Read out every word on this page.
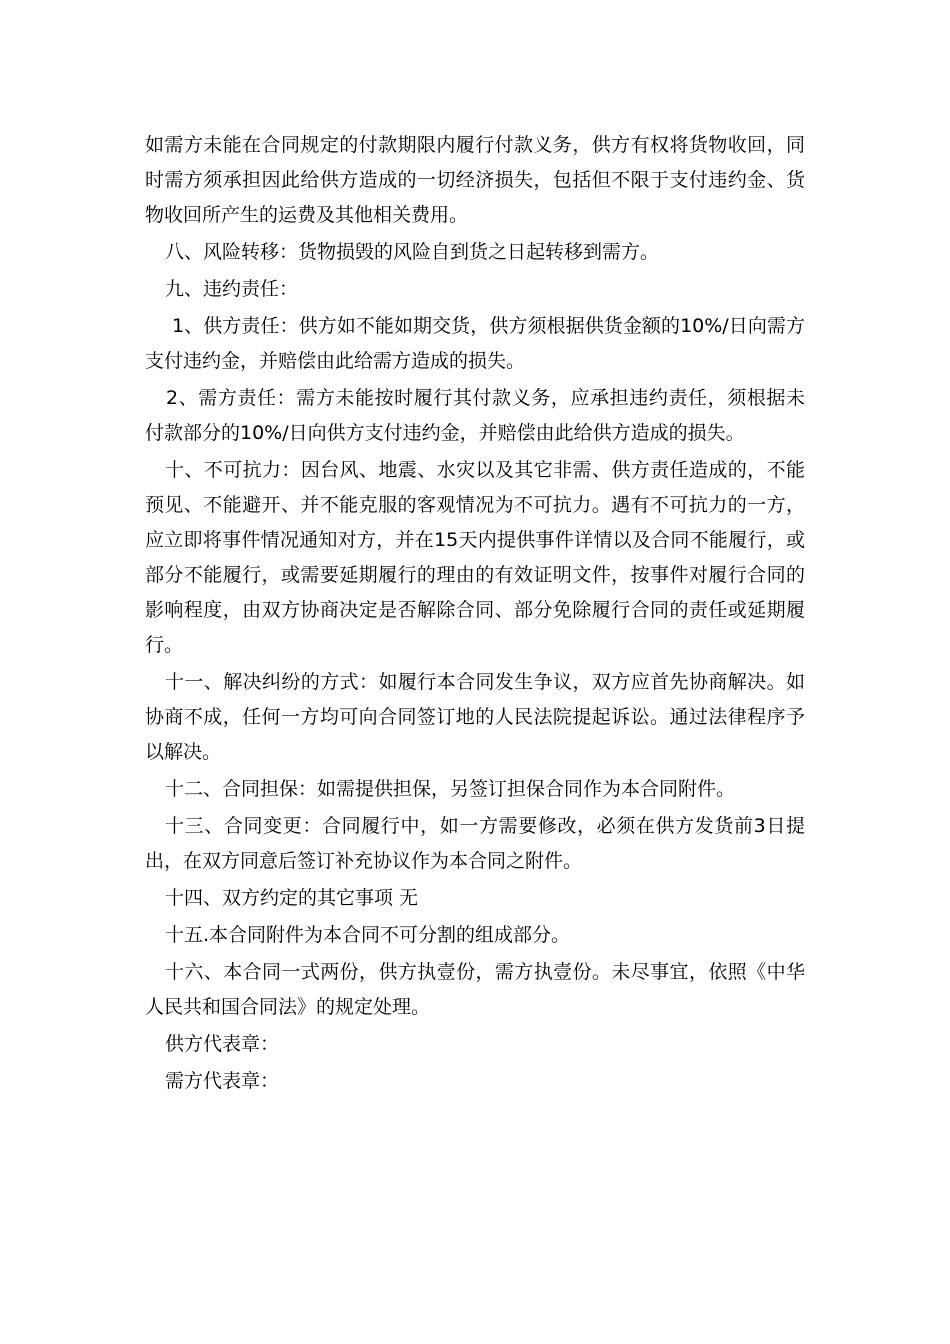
如需方未能在合同规定的付款期限内履行付款义务，供方有权将货物收回，同时需方须承担因此给供方造成的一切经济损失，包括但不限于支付违约金、货物收回所产生的运费及其他相关费用。

八、风险转移：货物损毁的风险自到货之日起转移到需方。

九、违约责任：

1、供方责任：供方如不能如期交货，供方须根据供货金额的10%/日向需方支付违约金，并赔偿由此给需方造成的损失。

2、需方责任：需方未能按时履行其付款义务，应承担违约责任，须根据未付款部分的10%/日向供方支付违约金，并赔偿由此给供方造成的损失。

十、不可抗力：因台风、地震、水灾以及其它非需、供方责任造成的，不能预见、不能避开、并不能克服的客观情况为不可抗力。遇有不可抗力的一方，应立即将事件情况通知对方，并在15天内提供事件详情以及合同不能履行，或部分不能履行，或需要延期履行的理由的有效证明文件，按事件对履行合同的影响程度，由双方协商决定是否解除合同、部分免除履行合同的责任或延期履行。

十一、解决纠纷的方式：如履行本合同发生争议，双方应首先协商解决。如协商不成，任何一方均可向合同签订地的人民法院提起诉讼。通过法律程序予以解决。

十二、合同担保：如需提供担保，另签订担保合同作为本合同附件。

十三、合同变更：合同履行中，如一方需要修改，必须在供方发货前3日提出，在双方同意后签订补充协议作为本合同之附件。

十四、双方约定的其它事项 无

十五.本合同附件为本合同不可分割的组成部分。

十六、本合同一式两份，供方执壹份，需方执壹份。未尽事宜，依照《中华人民共和国合同法》的规定处理。

供方代表章：

需方代表章：
